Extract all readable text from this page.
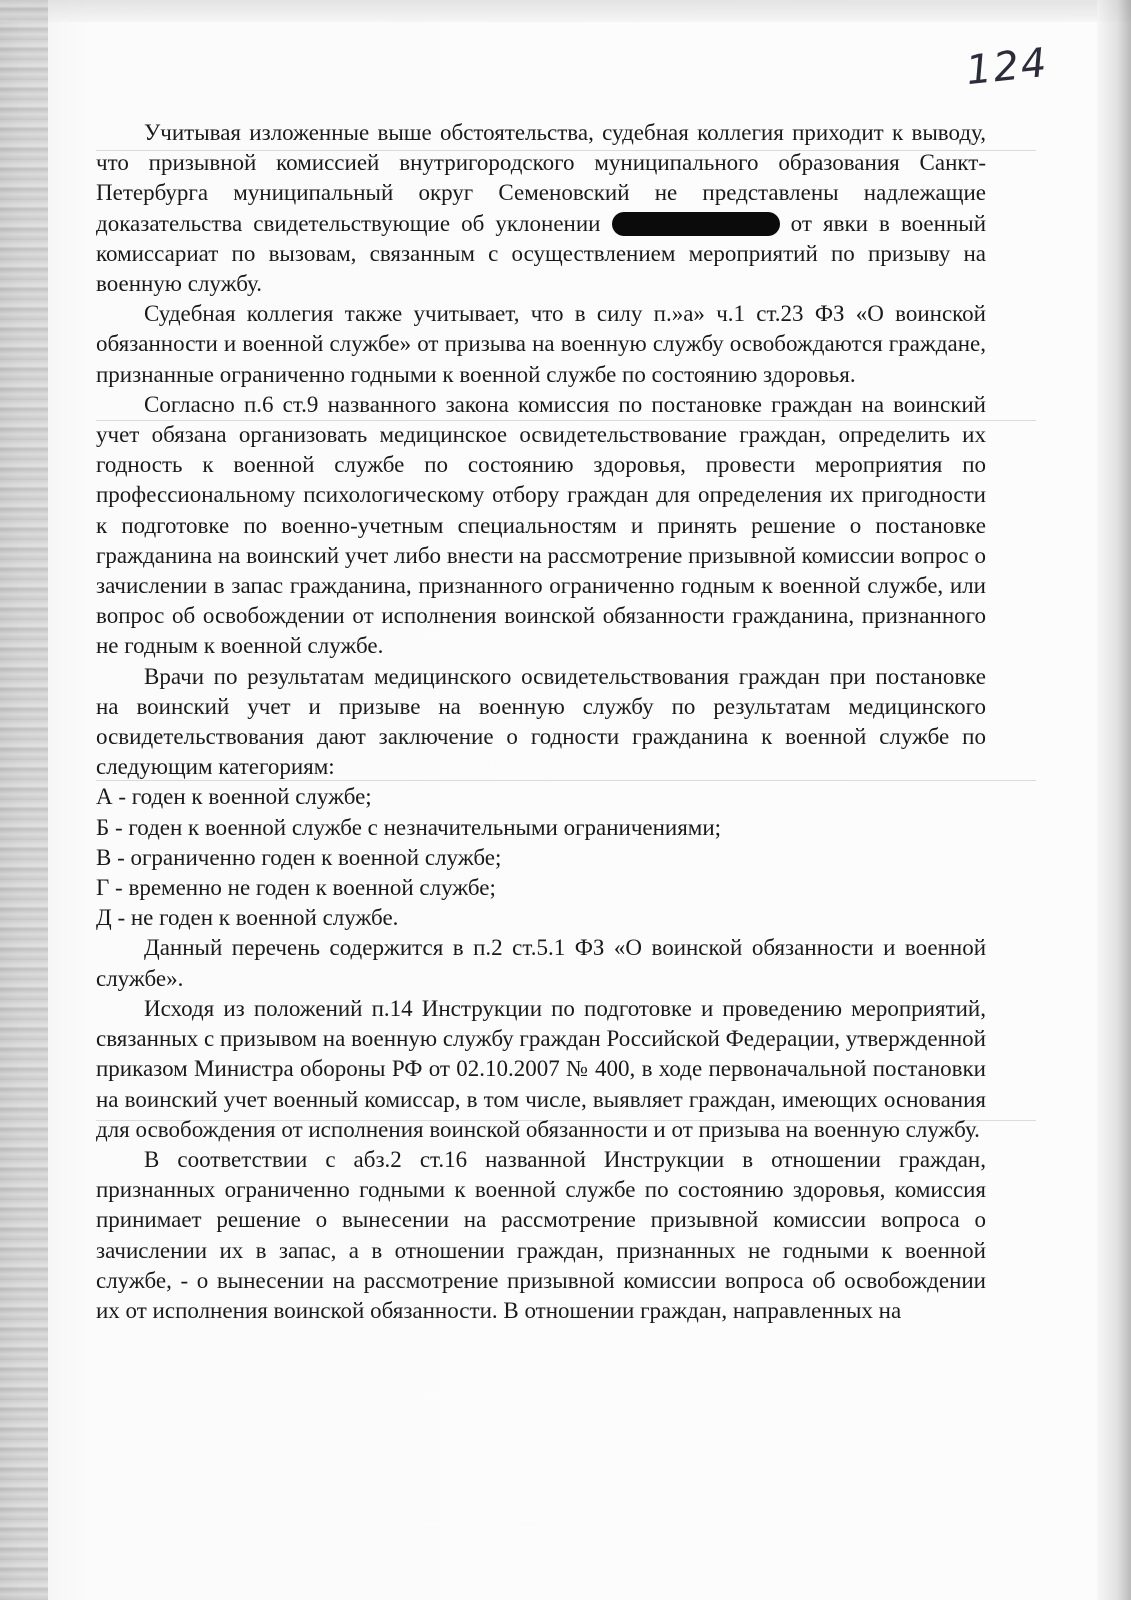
124

Учитывая изложенные выше обстоятельства, судебная коллегия приходит к выводу, что призывной комиссией внутригородского муниципального образования Санкт-Петербурга муниципальный округ Семеновский не представлены надлежащие доказательства свидетельствующие об уклонении	от явки в военный комиссариат по вызовам, связанным с осуществлением мероприятий по призыву на военную службу.

Судебная коллегия также учитывает, что в силу п.»а» ч.1 ст.23 ФЗ «О воинской обязанности и военной службе» от призыва на военную службу освобождаются граждане, признанные ограниченно годными к военной службе по состоянию здоровья.

Согласно п.6 ст.9 названного закона комиссия по постановке граждан на воинский учет обязана организовать медицинское освидетельствование граждан, определить их годность к военной службе по состоянию здоровья, провести мероприятия по профессиональному психологическому отбору граждан для определения их пригодности к подготовке по военно-учетным специальностям и принять решение о постановке гражданина на воинский учет либо внести на рассмотрение призывной комиссии вопрос о зачислении в запас гражданина, признанного ограниченно годным к военной службе, или вопрос об освобождении от исполнения воинской обязанности гражданина, признанного не годным к военной службе.

Врачи по результатам медицинского освидетельствования граждан при постановке на воинский учет и призыве на военную службу по результатам медицинского освидетельствования дают заключение о годности гражданина к военной службе по следующим категориям:

А - годен к военной службе;

Б - годен к военной службе с незначительными ограничениями;

В - ограниченно годен к военной службе;

Г - временно не годен к военной службе;

Д - не годен к военной службе.

Данный перечень содержится в п.2 ст.5.1 ФЗ «О воинской обязанности и военной службе».

Исходя из положений п.14 Инструкции по подготовке и проведению мероприятий, связанных с призывом на военную службу граждан Российской Федерации, утвержденной приказом Министра обороны РФ от 02.10.2007 № 400, в ходе первоначальной постановки на воинский учет военный комиссар, в том числе, выявляет граждан, имеющих основания для освобождения от исполнения воинской обязанности и от призыва на военную службу.

В соответствии с абз.2 ст.16 названной Инструкции в отношении граждан, признанных ограниченно годными к военной службе по состоянию здоровья, комиссия принимает решение о вынесении на рассмотрение призывной комиссии вопроса о зачислении их в запас, а в отношении граждан, признанных не годными к военной службе, - о вынесении на рассмотрение призывной комиссии вопроса об освобождении их от исполнения воинской обязанности. В отношении граждан, направленных на
